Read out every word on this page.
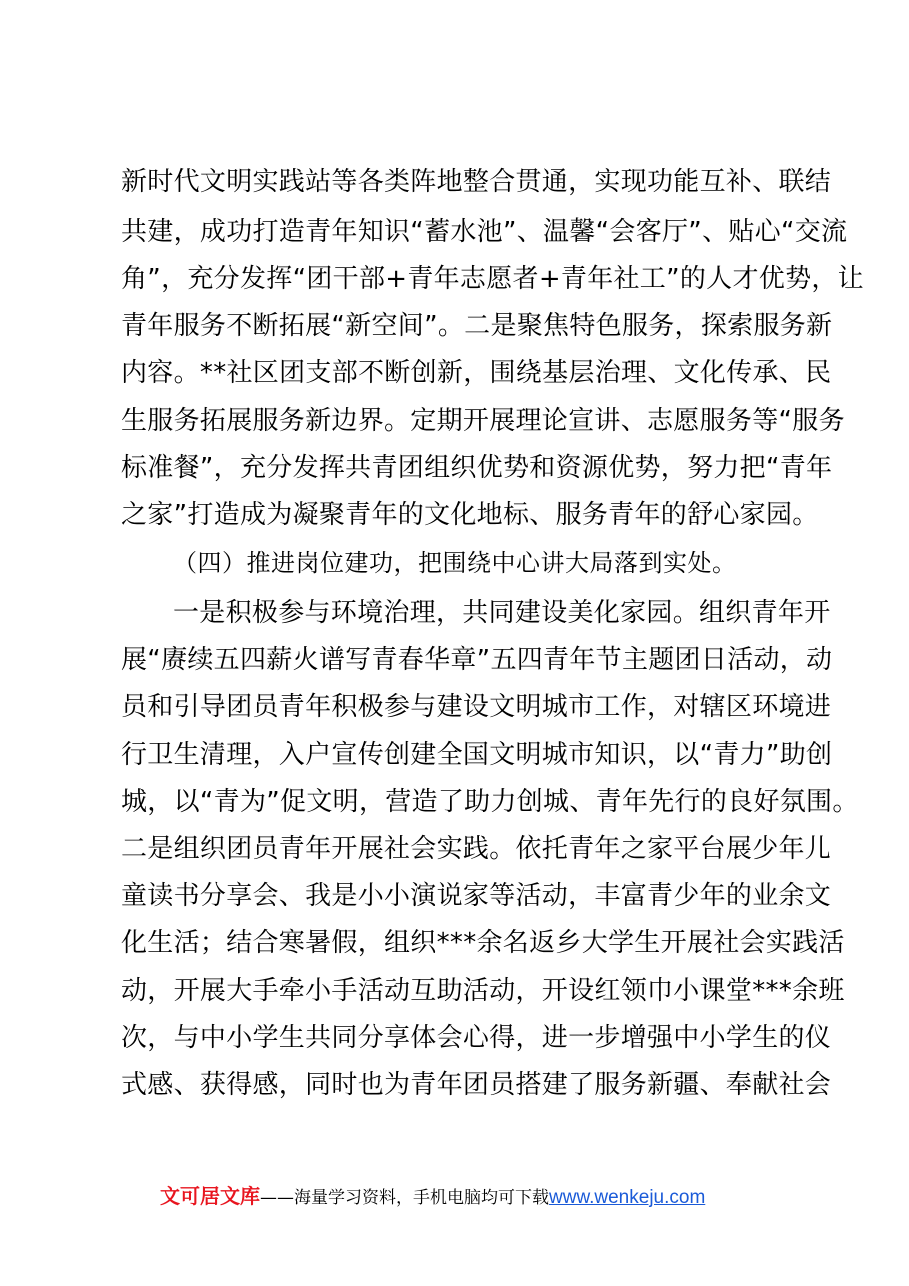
新时代文明实践站等各类阵地整合贯通，实现功能互补、联结
共建，成功打造青年知识“蓄水池”、温馨“会客厅”、贴心“交流
角”，充分发挥“团干部+青年志愿者+青年社工”的人才优势，让
青年服务不断拓展“新空间”。二是聚焦特色服务，探索服务新
内容。**社区团支部不断创新，围绕基层治理、文化传承、民
生服务拓展服务新边界。定期开展理论宣讲、志愿服务等“服务
标准餐”，充分发挥共青团组织优势和资源优势，努力把“青年
之家”打造成为凝聚青年的文化地标、服务青年的舒心家园。
（四）推进岗位建功，把围绕中心讲大局落到实处。
一是积极参与环境治理，共同建设美化家园。组织青年开
展“赓续五四薪火谱写青春华章”五四青年节主题团日活动，动
员和引导团员青年积极参与建设文明城市工作，对辖区环境进
行卫生清理，入户宣传创建全国文明城市知识，以“青力”助创
城，以“青为”促文明，营造了助力创城、青年先行的良好氛围。
二是组织团员青年开展社会实践。依托青年之家平台展少年儿
童读书分享会、我是小小演说家等活动，丰富青少年的业余文
化生活；结合寒暑假，组织***余名返乡大学生开展社会实践活
动，开展大手牵小手活动互助活动，开设红领巾小课堂***余班
次，与中小学生共同分享体会心得，进一步增强中小学生的仪
式感、获得感，同时也为青年团员搭建了服务新疆、奉献社会
文可居文库——海量学习资料，手机电脑均可下载www.wenkeju.com
